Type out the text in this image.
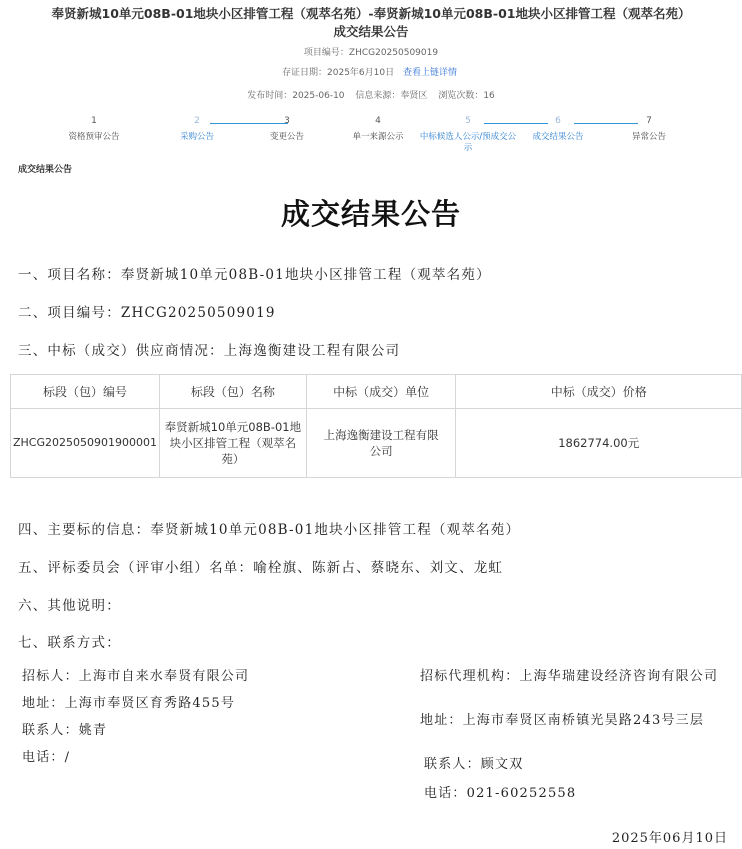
奉贤新城10单元08B-01地块小区排管工程（观萃名苑）-奉贤新城10单元08B-01地块小区排管工程（观萃名苑）
成交结果公告
项目编号：ZHCG20250509019
存证日期：2025年6月10日 查看上链详情
发布时间：2025-06-10 信息来源：奉贤区 浏览次数：16
1
资格预审公告
2
采购公告
3
变更公告
4
单一来源公示
5
中标候选人公示/预成交公示
6
成交结果公告
7
异常公告
成交结果公告
成交结果公告
一、项目名称：奉贤新城10单元08B-01地块小区排管工程（观萃名苑）
二、项目编号：ZHCG20250509019
三、中标（成交）供应商情况：上海逸衡建设工程有限公司
标段（包）编号	标段（包）名称	中标（成交）单位	中标（成交）价格
ZHCG2025050901900001	奉贤新城10单元08B-01地块小区排管工程（观萃名苑）	上海逸衡建设工程有限公司	1862774.00元
四、主要标的信息：奉贤新城10单元08B-01地块小区排管工程（观萃名苑）
五、评标委员会（评审小组）名单：喻栓旗、陈新占、蔡晓东、刘文、龙虹
六、其他说明：
七、联系方式：
招标人：上海市自来水奉贤有限公司
地址：上海市奉贤区育秀路455号
联系人：姚青
电话：/
招标代理机构：上海华瑞建设经济咨询有限公司
地址：上海市奉贤区南桥镇光昊路243号三层
联系人：顾文双
电话：021-60252558
2025年06月10日
